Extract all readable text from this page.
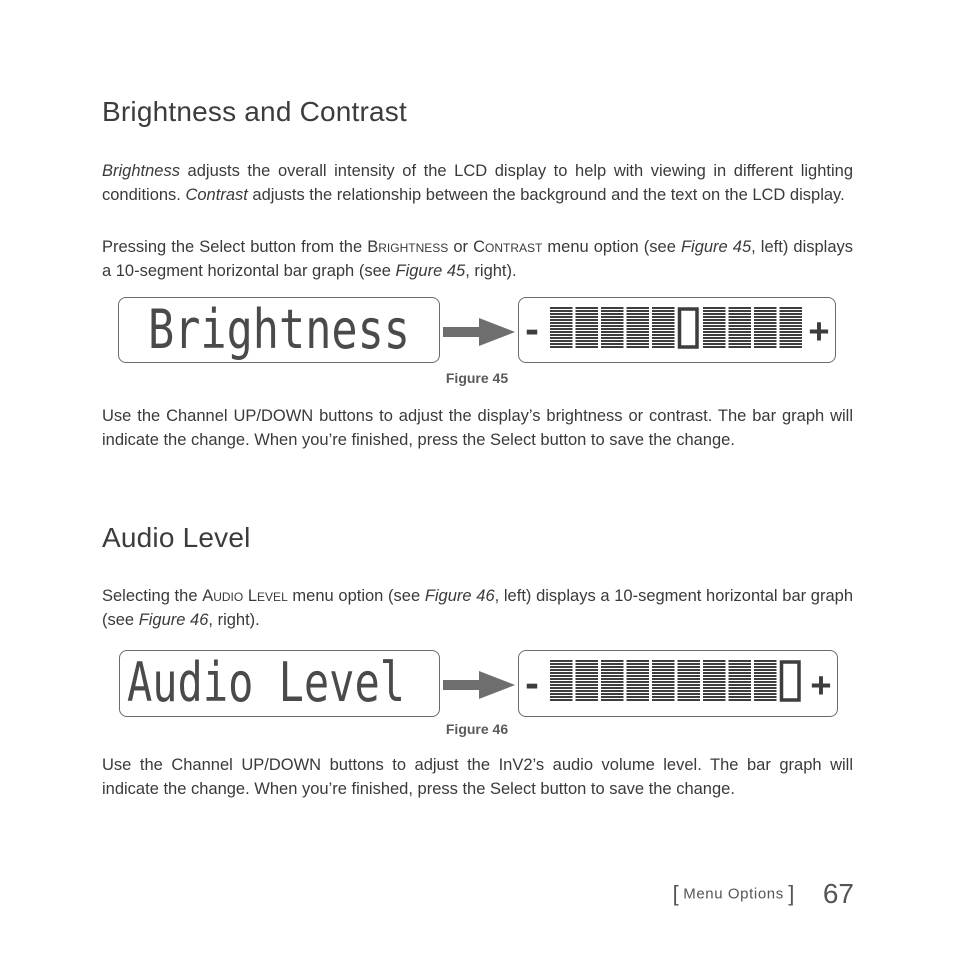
Brightness and Contrast

Brightness adjusts the overall intensity of the LCD display to help with viewing in different lighting conditions. Contrast adjusts the relationship between the background and the text on the LCD display.

Pressing the Select button from the Brightness or Contrast menu option (see Figure 45, left) displays a 10-segment horizontal bar graph (see Figure 45, right).

Brightness	-	+

Figure 45

Use the Channel UP/DOWN buttons to adjust the display’s brightness or contrast. The bar graph will indicate the change. When you’re finished, press the Select button to save the change.

Audio Level

Selecting the Audio Level menu option (see Figure 46, left) displays a 10-segment horizontal bar graph (see Figure 46, right).

Audio Level	-	+

Figure 46

Use the Channel UP/DOWN buttons to adjust the InV2’s audio volume level. The bar graph will indicate the change. When you’re finished, press the Select button to save the change.

[ Menu Options ] 67
